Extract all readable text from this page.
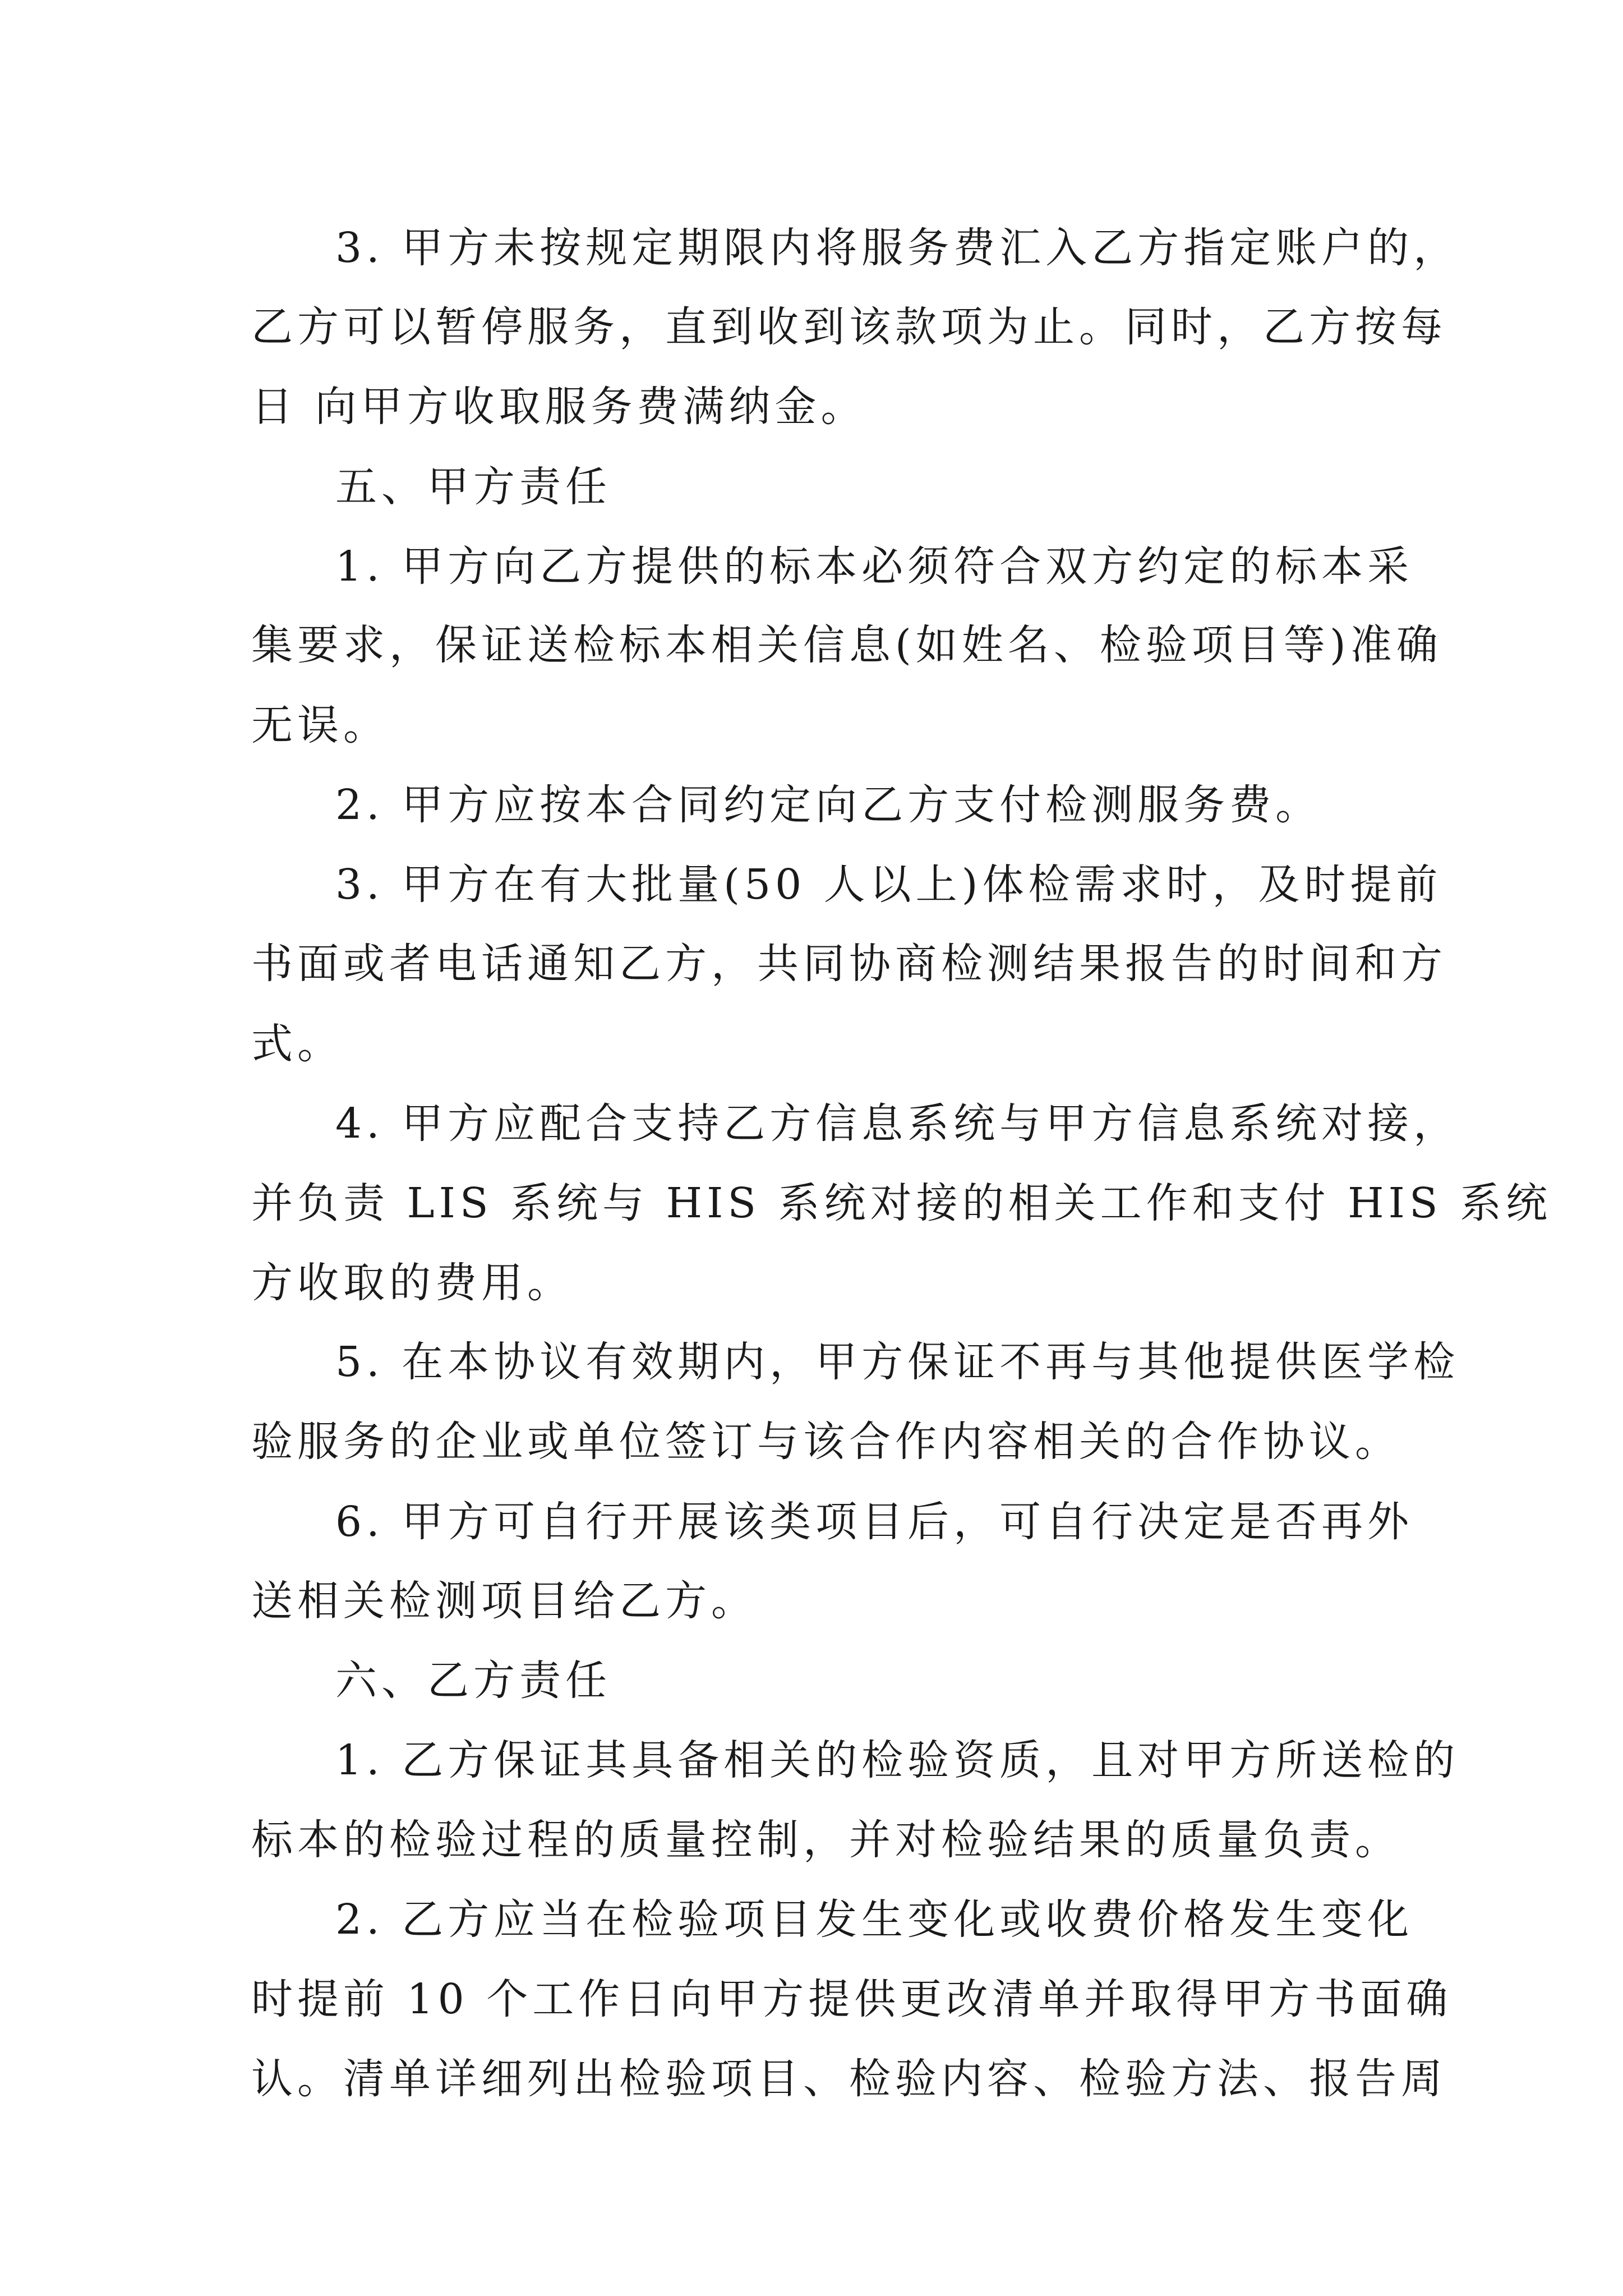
3. 甲方未按规定期限内将服务费汇入乙方指定账户的，
乙方可以暂停服务，直到收到该款项为止。同时，乙方按每
日 向甲方收取服务费满纳金。
五、甲方责任
1. 甲方向乙方提供的标本必须符合双方约定的标本采
集要求，保证送检标本相关信息(如姓名、检验项目等)准确
无误。
2. 甲方应按本合同约定向乙方支付检测服务费。
3. 甲方在有大批量(50 人以上)体检需求时，及时提前
书面或者电话通知乙方，共同协商检测结果报告的时间和方
式。
4. 甲方应配合支持乙方信息系统与甲方信息系统对接，
并负责 LIS 系统与 HIS 系统对接的相关工作和支付 HIS 系统
方收取的费用。
5. 在本协议有效期内，甲方保证不再与其他提供医学检
验服务的企业或单位签订与该合作内容相关的合作协议。
6. 甲方可自行开展该类项目后，可自行决定是否再外
送相关检测项目给乙方。
六、乙方责任
1. 乙方保证其具备相关的检验资质，且对甲方所送检的
标本的检验过程的质量控制，并对检验结果的质量负责。
2. 乙方应当在检验项目发生变化或收费价格发生变化
时提前 10 个工作日向甲方提供更改清单并取得甲方书面确
认。清单详细列出检验项目、检验内容、检验方法、报告周
